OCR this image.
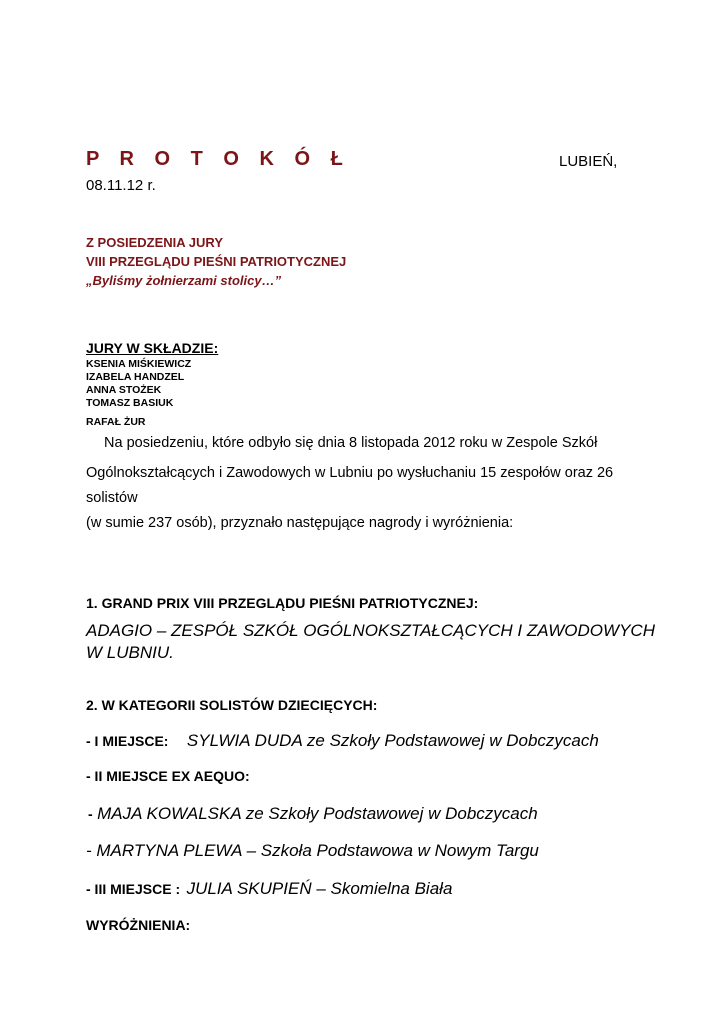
P R O T O K Ó Ł	LUBIEŃ,
08.11.12 r.
Z POSIEDZENIA JURY
VIII PRZEGLĄDU PIEŚNI PATRIOTYCZNEJ
„Byliśmy żołnierzami stolicy…”
JURY W SKŁADZIE:
KSENIA MIŚKIEWICZ
IZABELA HANDZEL
ANNA STOŻEK
TOMASZ BASIUK
RAFAŁ ŻUR
Na posiedzeniu, które odbyło się dnia 8 listopada 2012 roku w Zespole Szkół
Ogólnokształcących i Zawodowych w Lubniu po wysłuchaniu 15 zespołów oraz 26
solistów
(w sumie 237 osób), przyznało następujące nagrody i wyróżnienia:
1. GRAND PRIX VIII PRZEGLĄDU PIEŚNI PATRIOTYCZNEJ:
ADAGIO – ZESPÓŁ SZKÓŁ OGÓLNOKSZTAŁCĄCYCH I ZAWODOWYCH
W LUBNIU.
2. W KATEGORII SOLISTÓW DZIECIĘCYCH:
- I MIEJSCE: SYLWIA DUDA ze Szkoły Podstawowej w Dobczycach
- II MIEJSCE EX AEQUO:
- MAJA KOWALSKA ze Szkoły Podstawowej w Dobczycach
- MARTYNA PLEWA – Szkoła Podstawowa w Nowym Targu
- III MIEJSCE : JULIA SKUPIEŃ – Skomielna Biała
WYRÓŻNIENIA:
